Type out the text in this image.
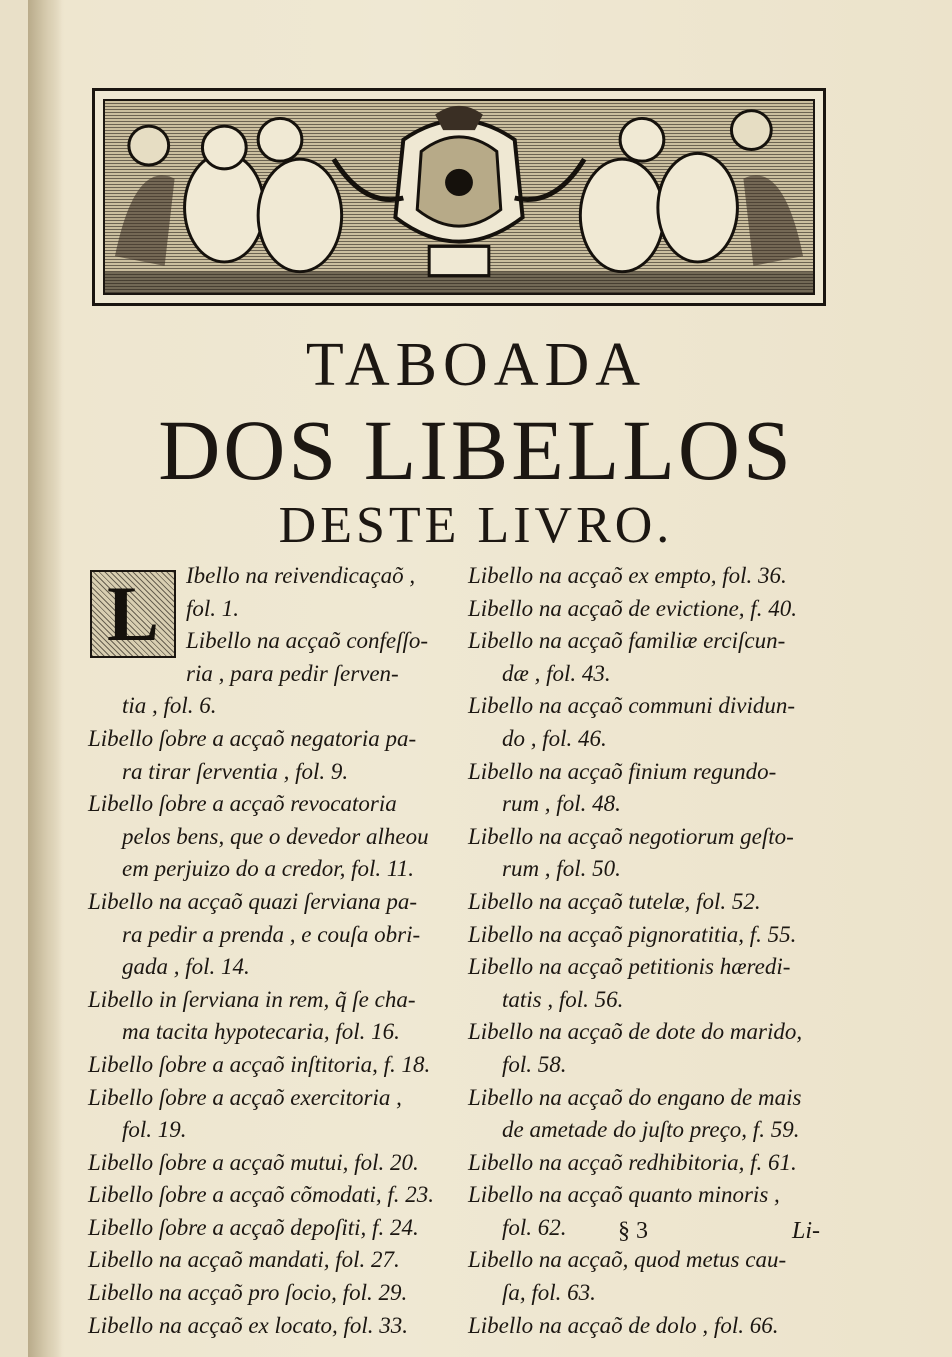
TABOADA
DOS LIBELLOS
DESTE LIVRO.
L	Ibello na reivendicaçaõ ,
fol. 1.

Libello na acçaõ confeſſo-
ria , para pedir ſerven-
tia , fol. 6.

Libello ſobre a acçaõ negatoria pa-
ra tirar ſerventia , fol. 9.

Libello ſobre a acçaõ revocatoria
pelos bens, que o devedor alheou
em perjuizo do a credor, fol. 11.

Libello na acçaõ quazi ſerviana pa-
ra pedir a prenda , e couſa obri-
gada , fol. 14.

Libello in ſerviana in rem, q̃ ſe cha-
ma tacita hypotecaria, fol. 16.

Libello ſobre a acçaõ inſtitoria, f. 18.

Libello ſobre a acçaõ exercitoria ,
fol. 19.

Libello ſobre a acçaõ mutui, fol. 20.

Libello ſobre a acçaõ cõmodati, f. 23.

Libello ſobre a acçaõ depoſiti, f. 24.

Libello na acçaõ mandati, fol. 27.

Libello na acçaõ pro ſocio, fol. 29.

Libello na acçaõ ex locato, fol. 33.

Libello na acçaõ ex empto, fol. 36.

Libello na acçaõ de evictione, f. 40.

Libello na acçaõ familiæ erciſcun-
dæ , fol. 43.

Libello na acçaõ communi dividun-
do , fol. 46.

Libello na acçaõ finium regundo-
rum , fol. 48.

Libello na acçaõ negotiorum geſto-
rum , fol. 50.

Libello na acçaõ tutelæ, fol. 52.

Libello na acçaõ pignoratitia, f. 55.

Libello na acçaõ petitionis hæredi-
tatis , fol. 56.

Libello na acçaõ de dote do marido,
fol. 58.

Libello na acçaõ do engano de mais
de ametade do juſto preço, f. 59.

Libello na acçaõ redhibitoria, f. 61.

Libello na acçaõ quanto minoris ,
fol. 62.

Libello na acçaõ, quod metus cau-
ſa, fol. 63.

Libello na acçaõ de dolo , fol. 66.

§ 3	Li-
